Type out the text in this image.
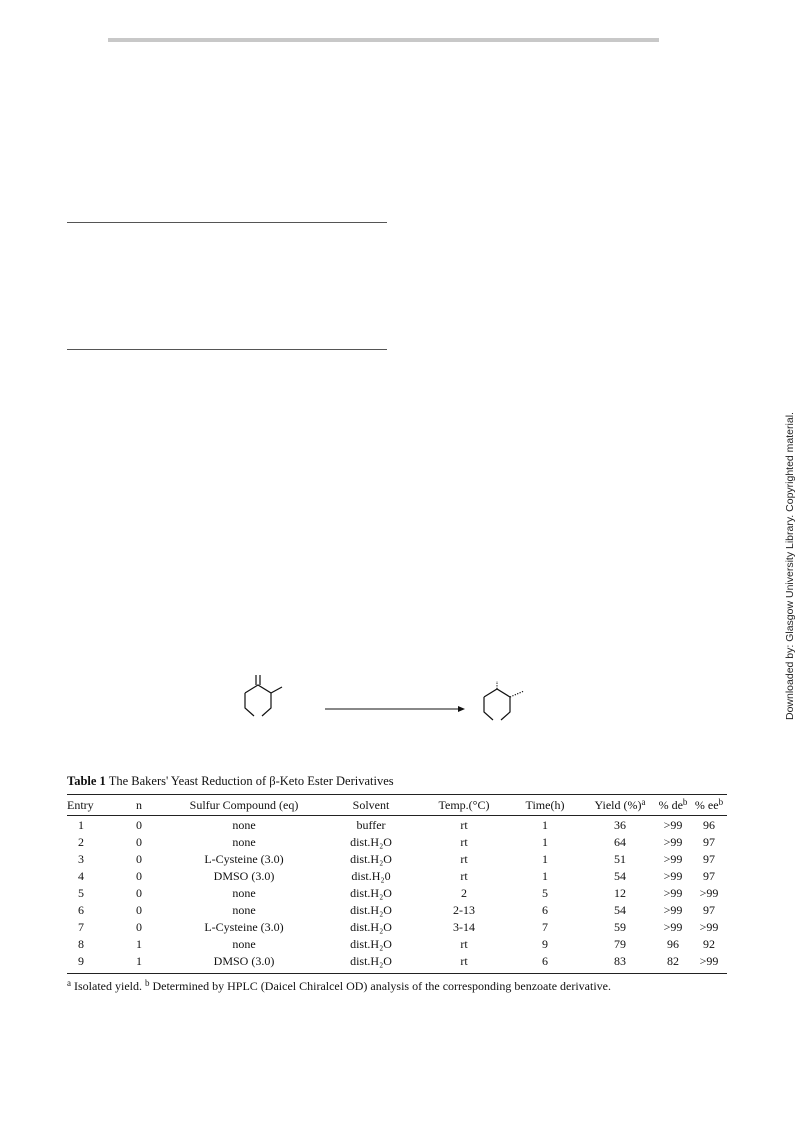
Downloaded by: Glasgow University Library. Copyrighted material.
Table 1 The Bakers' Yeast Reduction of β-Keto Ester Derivatives
Entry	n	Sulfur Compound (eq)	Solvent	Temp.(°C)	Time(h)	Yield (%)$^a$	% $de^b$	% $ee^b$
1	0	none	buffer	rt	1	36	>99	96
2	0	none	dist.H₂O	rt	1	64	>99	97
3	0	L-Cysteine (3.0)	dist.H₂O	rt	1	51	>99	97
4	0	DMSO (3.0)	dist.H₂0	rt	1	54	>99	97
5	0	none	dist.H₂O	2	5	12	>99	>99
6	0	none	dist.H₂O	2-13	6	54	>99	97
7	0	L-Cysteine (3.0)	dist.H₂O	3-14	7	59	>99	>99
8	1	none	dist.H₂O	rt	9	79	96	92
9	1	DMSO (3.0)	dist.H₂O	rt	6	83	82	>99
$^a$ Isolated yield. $^b$ Determined by HPLC (Daicel Chiralcel OD) analysis of the corresponding benzoate derivative.
